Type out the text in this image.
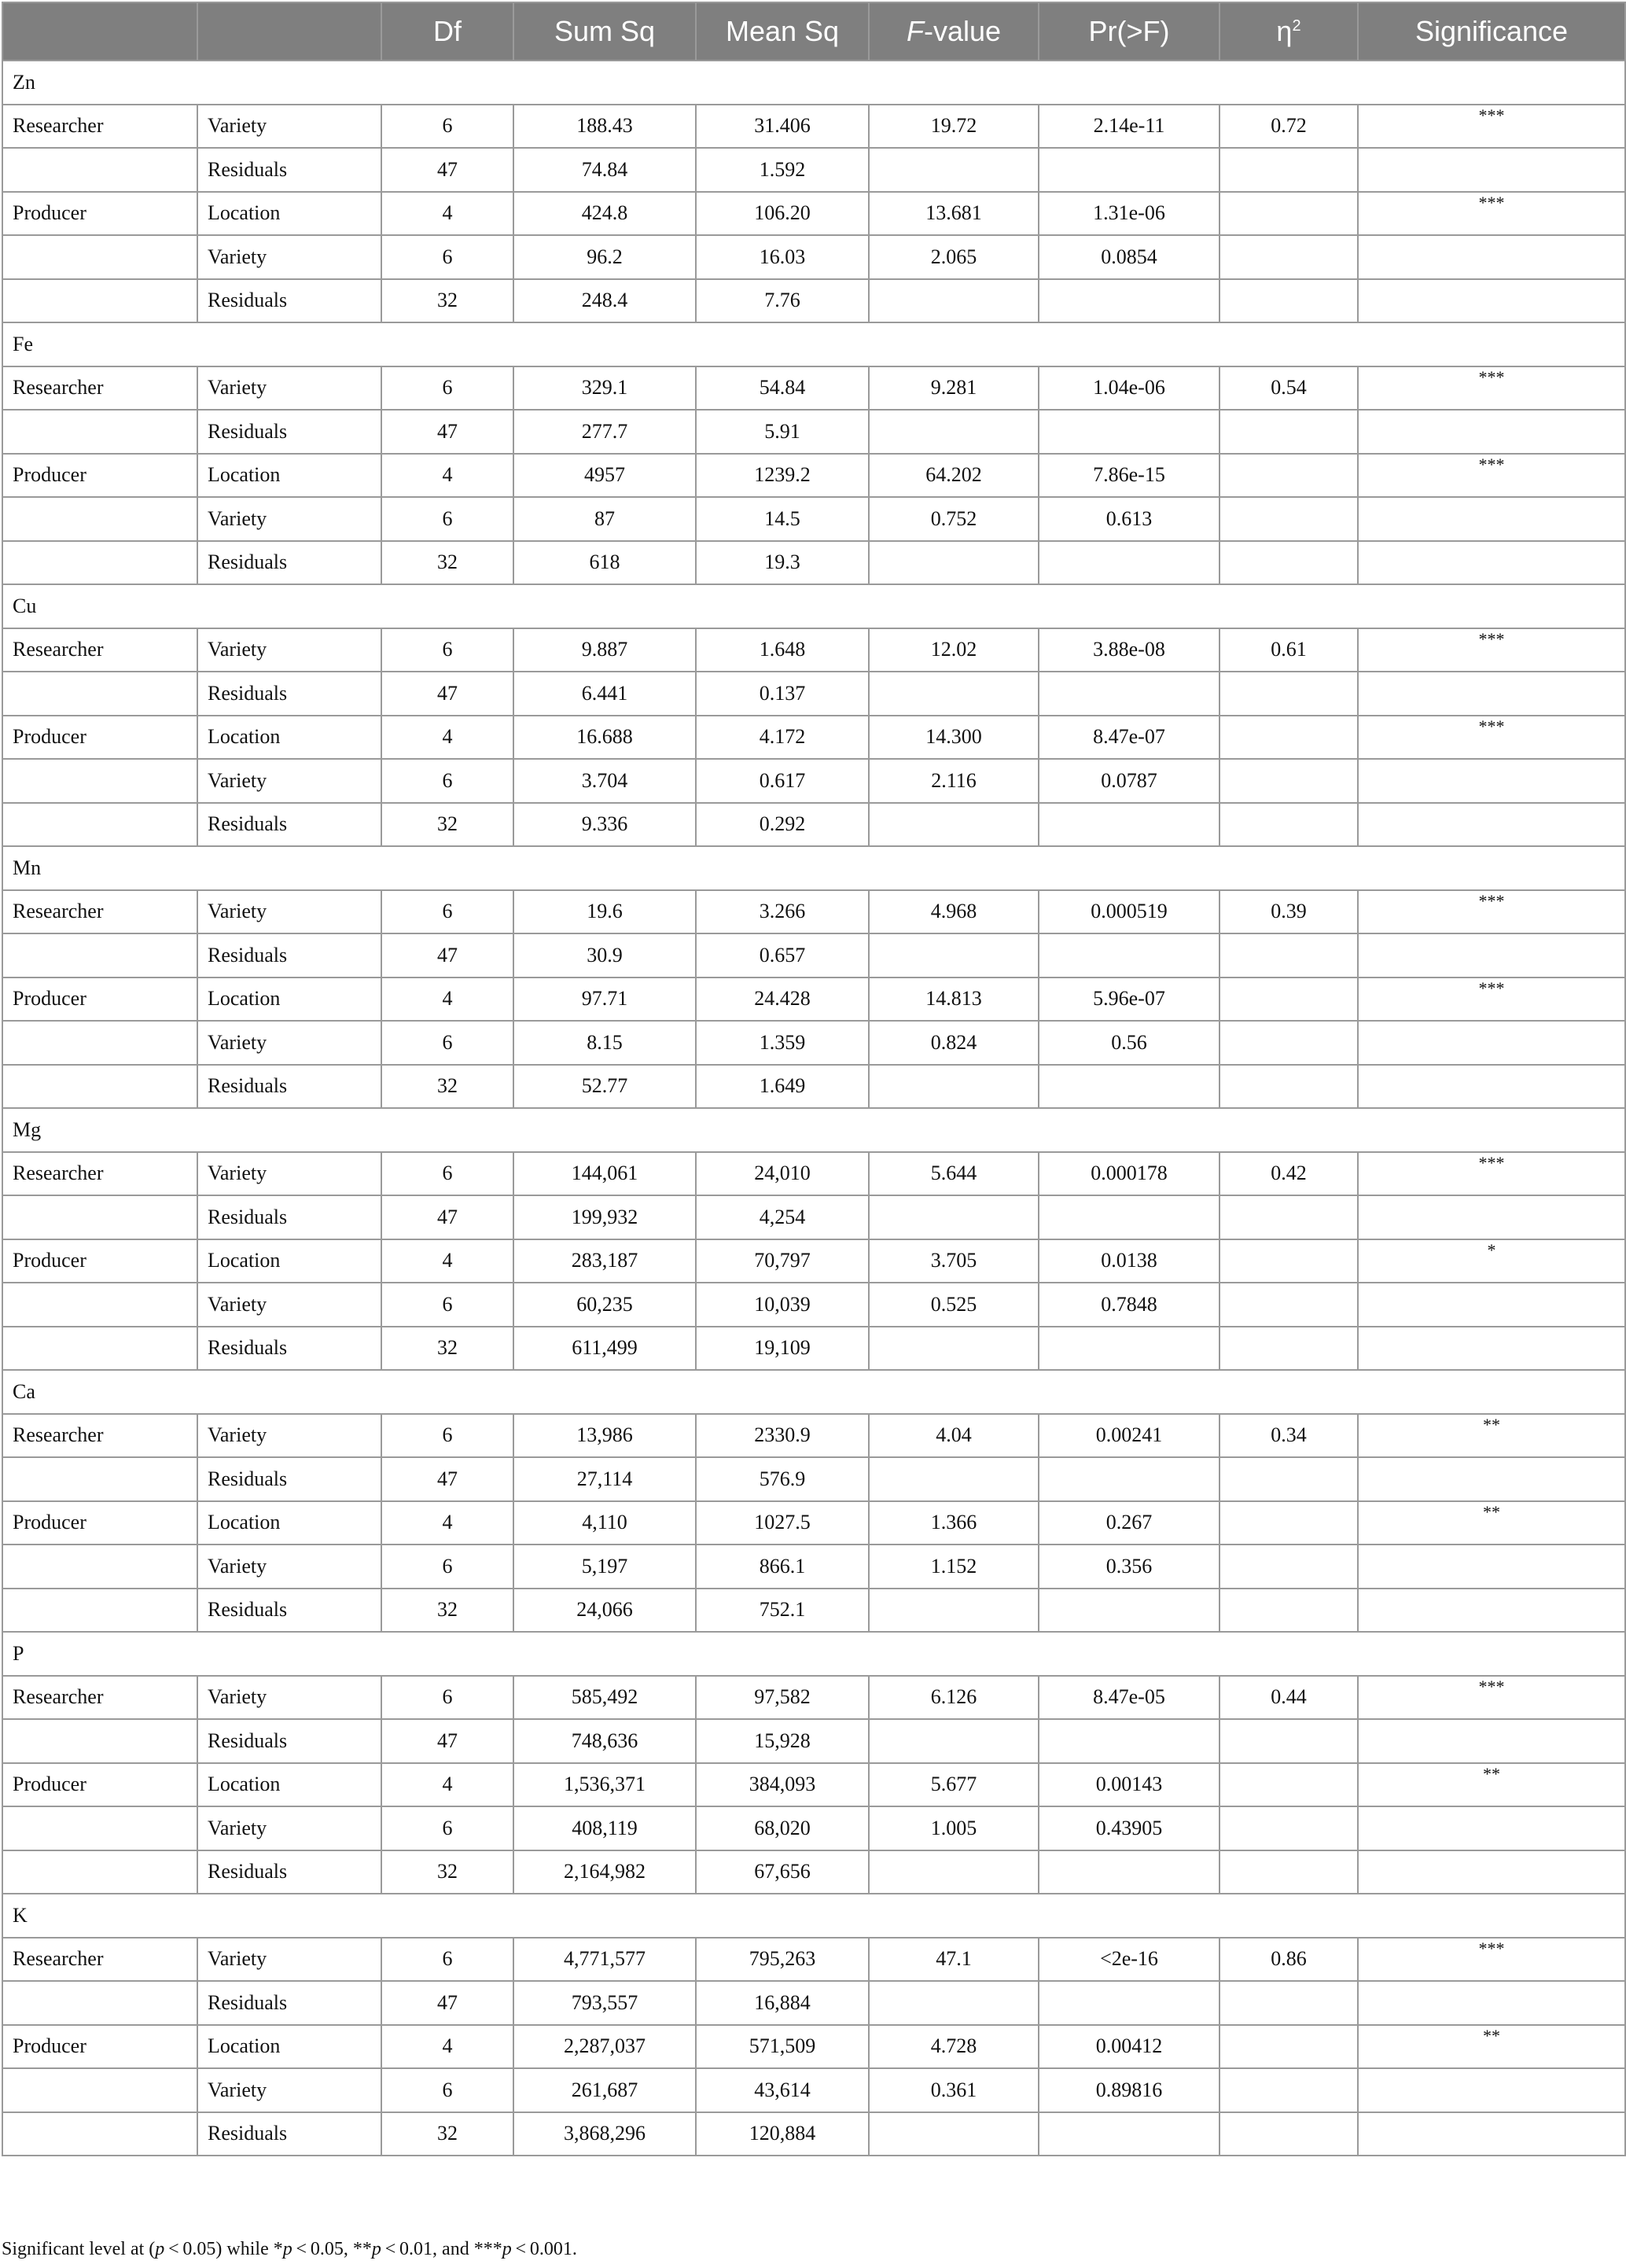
		Df	Sum Sq	Mean Sq	F-value	Pr(>F)	$\eta^2$	Significance
Zn								
Researcher	Variety	6	188.43	31.406	19.72	2.14e-11	0.72	***
	Residuals	47	74.84	1.592				
Producer	Location	4	424.8	106.20	13.681	1.31e-06		***
	Variety	6	96.2	16.03	2.065	0.0854		
	Residuals	32	248.4	7.76				
Fe								
Researcher	Variety	6	329.1	54.84	9.281	1.04e-06	0.54	***
	Residuals	47	277.7	5.91				
Producer	Location	4	4957	1239.2	64.202	7.86e-15		***
	Variety	6	87	14.5	0.752	0.613		
	Residuals	32	618	19.3				
Cu								
Researcher	Variety	6	9.887	1.648	12.02	3.88e-08	0.61	***
	Residuals	47	6.441	0.137				
Producer	Location	4	16.688	4.172	14.300	8.47e-07		***
	Variety	6	3.704	0.617	2.116	0.0787		
	Residuals	32	9.336	0.292				
Mn								
Researcher	Variety	6	19.6	3.266	4.968	0.000519	0.39	***
	Residuals	47	30.9	0.657				
Producer	Location	4	97.71	24.428	14.813	5.96e-07		***
	Variety	6	8.15	1.359	0.824	0.56		
	Residuals	32	52.77	1.649				
Mg								
Researcher	Variety	6	144,061	24,010	5.644	0.000178	0.42	***
	Residuals	47	199,932	4,254				
Producer	Location	4	283,187	70,797	3.705	0.0138		*
	Variety	6	60,235	10,039	0.525	0.7848		
	Residuals	32	611,499	19,109				
Ca								
Researcher	Variety	6	13,986	2330.9	4.04	0.00241	0.34	**
	Residuals	47	27,114	576.9				
Producer	Location	4	4,110	1027.5	1.366	0.267		**
	Variety	6	5,197	866.1	1.152	0.356		
	Residuals	32	24,066	752.1				
P								
Researcher	Variety	6	585,492	97,582	6.126	8.47e-05	0.44	***
	Residuals	47	748,636	15,928				
Producer	Location	4	1,536,371	384,093	5.677	0.00143		**
	Variety	6	408,119	68,020	1.005	0.43905		
	Residuals	32	2,164,982	67,656				
K								
Researcher	Variety	6	4,771,577	795,263	47.1	<2e-16	0.86	***
	Residuals	47	793,557	16,884				
Producer	Location	4	2,287,037	571,509	4.728	0.00412		**
	Variety	6	261,687	43,614	0.361	0.89816		
	Residuals	32	3,868,296	120,884				
Significant level at (p < 0.05) while *p < 0.05, **p < 0.01, and ***p < 0.001.
